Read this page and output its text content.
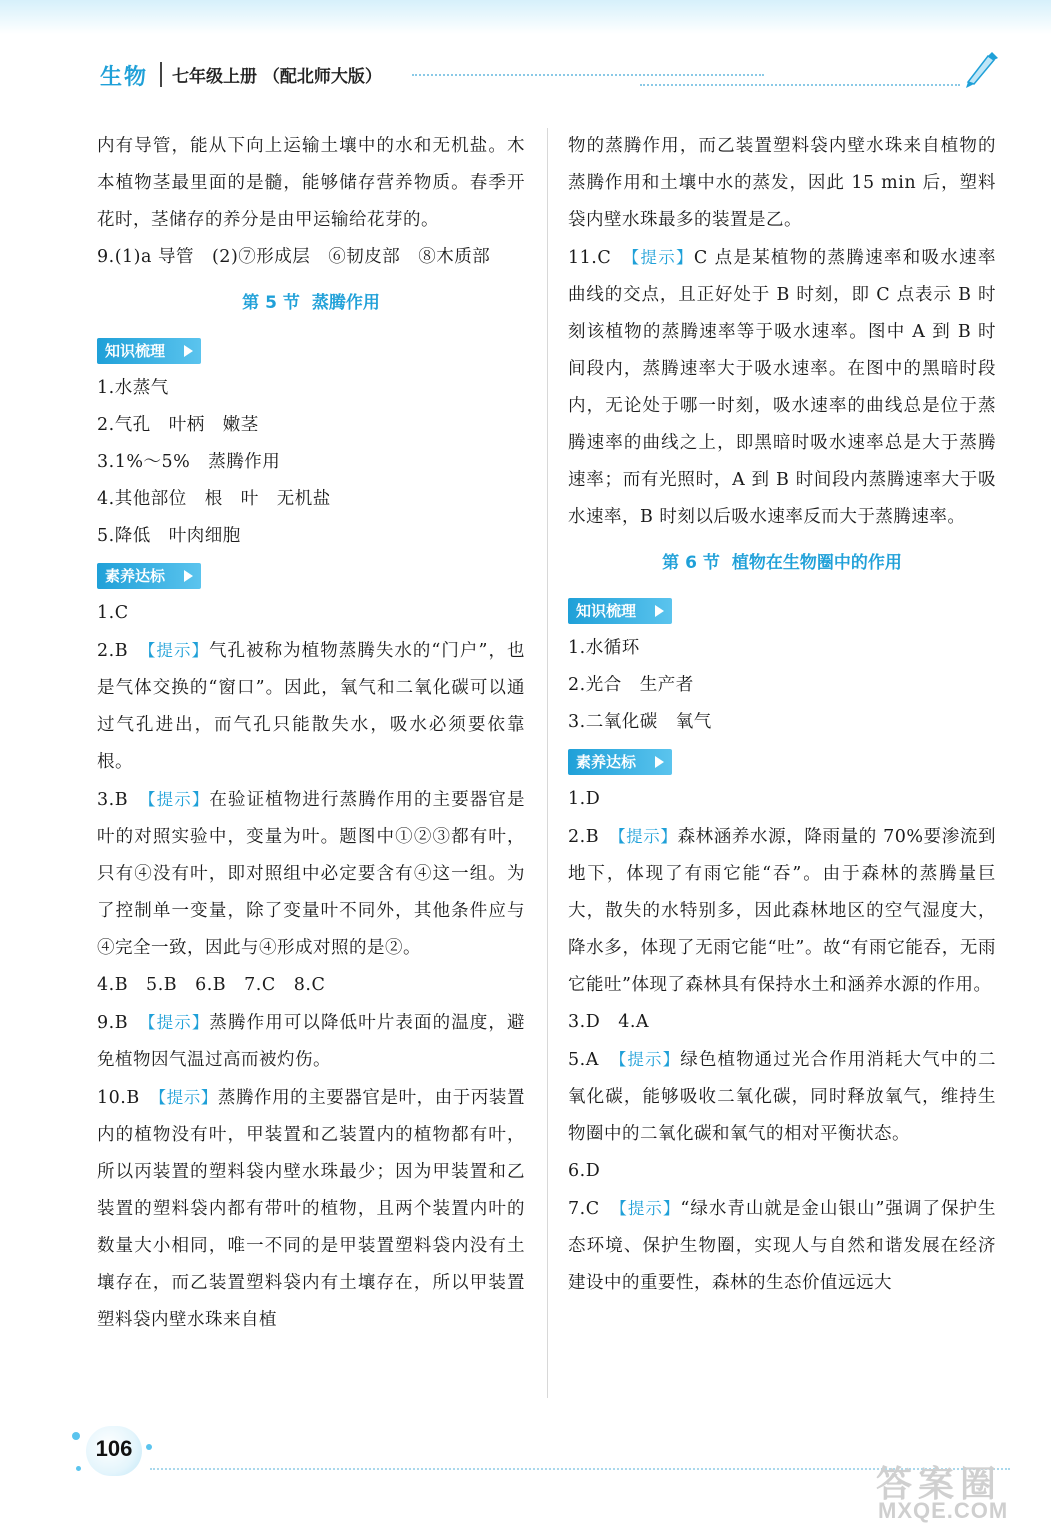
生物	七年级上册 （配北师大版）

内有导管，能从下向上运输土壤中的水和无机盐。木本植物茎最里面的是髓，能够储存营养物质。春季开花时，茎储存的养分是由甲运输给花芽的。

9.(1)a 导管　(2)⑦形成层　⑥韧皮部　⑧木质部

第 5 节 蒸腾作用

知识梳理

1.水蒸气

2.气孔　叶柄　嫩茎

3.1%～5%　蒸腾作用

4.其他部位　根　叶　无机盐

5.降低　叶肉细胞

素养达标

1.C

2.B　【提示】气孔被称为植物蒸腾失水的“门户”，也是气体交换的“窗口”。因此，氧气和二氧化碳可以通过气孔进出，而气孔只能散失水，吸水必须要依靠根。

3.B　【提示】在验证植物进行蒸腾作用的主要器官是叶的对照实验中，变量为叶。题图中①②③都有叶，只有④没有叶，即对照组中必定要含有④这一组。为了控制单一变量，除了变量叶不同外，其他条件应与④完全一致，因此与④形成对照的是②。

4.B　5.B　6.B　7.C　8.C

9.B　【提示】蒸腾作用可以降低叶片表面的温度，避免植物因气温过高而被灼伤。

10.B　【提示】蒸腾作用的主要器官是叶，由于丙装置内的植物没有叶，甲装置和乙装置内的植物都有叶，所以丙装置的塑料袋内壁水珠最少；因为甲装置和乙装置的塑料袋内都有带叶的植物，且两个装置内叶的数量大小相同，唯一不同的是甲装置塑料袋内没有土壤存在，而乙装置塑料袋内有土壤存在，所以甲装置塑料袋内壁水珠来自植

物的蒸腾作用，而乙装置塑料袋内壁水珠来自植物的蒸腾作用和土壤中水的蒸发，因此 15 min 后，塑料袋内壁水珠最多的装置是乙。

11.C　【提示】C 点是某植物的蒸腾速率和吸水速率曲线的交点，且正好处于 B 时刻，即 C 点表示 B 时刻该植物的蒸腾速率等于吸水速率。图中 A 到 B 时间段内，蒸腾速率大于吸水速率。在图中的黑暗时段内，无论处于哪一时刻，吸水速率的曲线总是位于蒸腾速率的曲线之上，即黑暗时吸水速率总是大于蒸腾速率；而有光照时，A 到 B 时间段内蒸腾速率大于吸水速率，B 时刻以后吸水速率反而大于蒸腾速率。

第 6 节 植物在生物圈中的作用

知识梳理

1.水循环

2.光合　生产者

3.二氧化碳　氧气

素养达标

1.D

2.B　【提示】森林涵养水源，降雨量的 70%要渗流到地下，体现了有雨它能“吞”。由于森林的蒸腾量巨大，散失的水特别多，因此森林地区的空气湿度大，降水多，体现了无雨它能“吐”。故“有雨它能吞，无雨它能吐”体现了森林具有保持水土和涵养水源的作用。

3.D　4.A

5.A　【提示】绿色植物通过光合作用消耗大气中的二氧化碳，能够吸收二氧化碳，同时释放氧气，维持生物圈中的二氧化碳和氧气的相对平衡状态。

6.D

7.C　【提示】“绿水青山就是金山银山”强调了保护生态环境、保护生物圈，实现人与自然和谐发展在经济建设中的重要性，森林的生态价值远远大

106
答案圈
MXQE.COM
